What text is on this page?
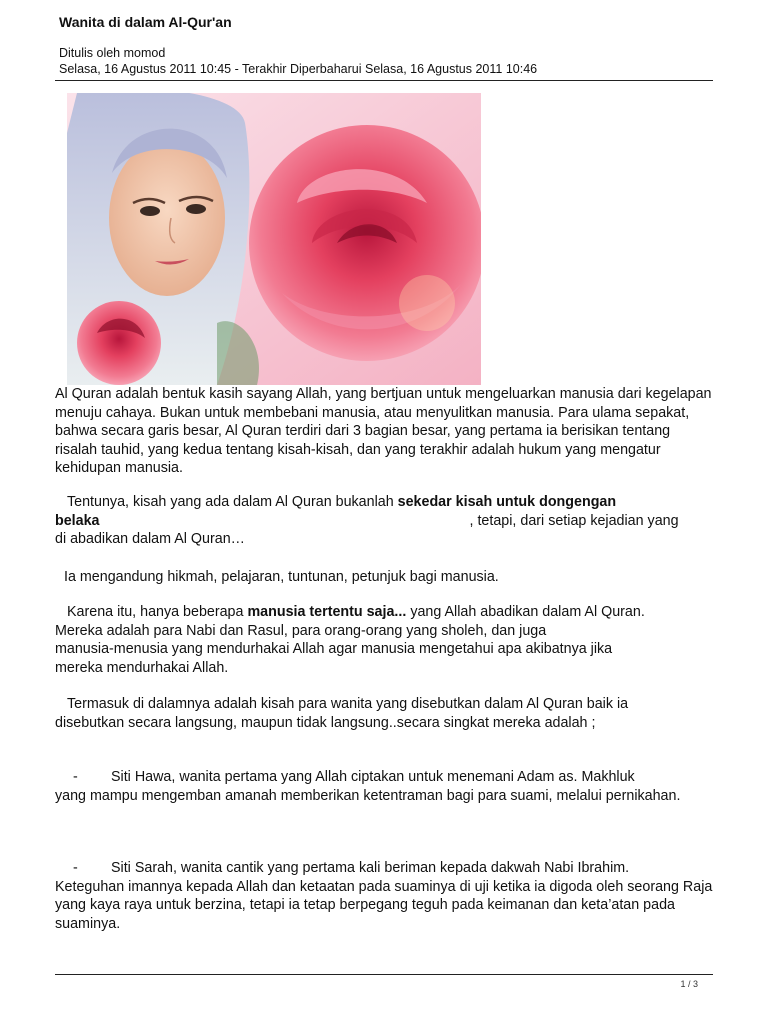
Wanita di dalam Al-Qur'an
Ditulis oleh momod
Selasa, 16 Agustus 2011 10:45 - Terakhir Diperbaharui Selasa, 16 Agustus 2011 10:46
Al Quran adalah bentuk kasih sayang Allah, yang bertjuan untuk mengeluarkan manusia dari kegelapan menuju cahaya. Bukan untuk membebani manusia, atau menyulitkan manusia. Para ulama sepakat, bahwa secara garis besar, Al Quran terdiri dari 3 bagian besar, yang pertama ia berisikan tentang risalah tauhid, yang kedua tentang kisah-kisah, dan yang terakhir adalah hukum yang mengatur kehidupan manusia.
Tentunya, kisah yang ada dalam Al Quran bukanlah sekedar kisah untuk dongengan
belaka	, tetapi, dari setiap kejadian yang
di abadikan dalam Al Quran…
Ia mengandung hikmah, pelajaran, tuntunan, petunjuk bagi manusia.
Karena itu, hanya beberapa manusia tertentu saja... yang Allah abadikan dalam Al Quran.
Mereka adalah para Nabi dan Rasul, para orang-orang yang sholeh, dan juga
manusia-menusia yang mendurhakai Allah agar manusia mengetahui apa akibatnya jika
mereka mendurhakai Allah.
Termasuk di dalamnya adalah kisah para wanita yang disebutkan dalam Al Quran baik ia
disebutkan secara langsung, maupun tidak langsung..secara singkat mereka adalah ;
- Siti Hawa, wanita pertama yang Allah ciptakan untuk menemani Adam as. Makhluk
yang mampu mengemban amanah memberikan ketentraman bagi para suami, melalui pernikahan.
- Siti Sarah, wanita cantik yang pertama kali beriman kepada dakwah Nabi Ibrahim.
Keteguhan imannya kepada Allah dan ketaatan pada suaminya di uji ketika ia digoda oleh seorang Raja yang kaya raya untuk berzina, tetapi ia tetap berpegang teguh pada keimanan dan keta’atan pada suaminya.
1 / 3
